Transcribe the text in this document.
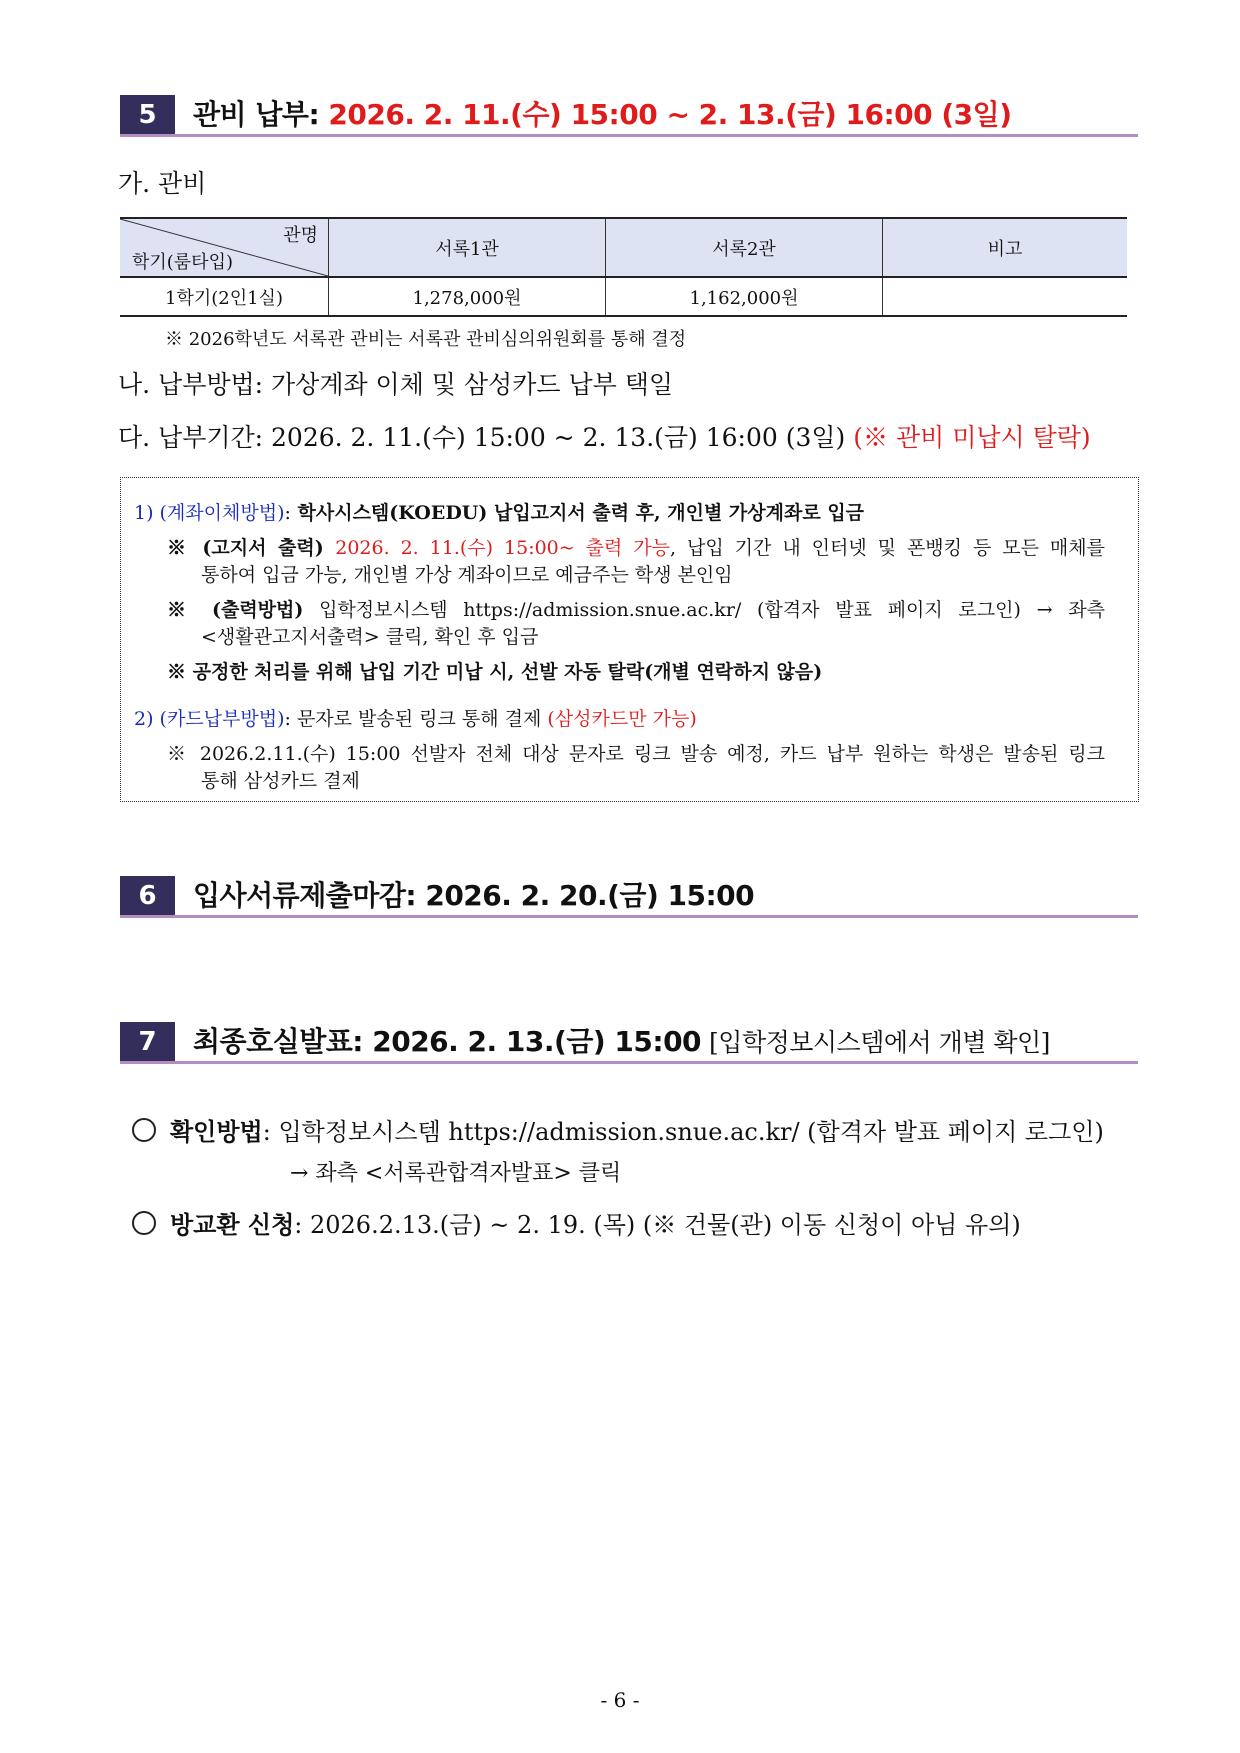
5	관비 납부: 2026. 2. 11.(수) 15:00 ~ 2. 13.(금) 16:00 (3일)
가. 관비
관명
학기(룸타입)	서록1관	서록2관	비고
1학기(2인1실)	1,278,000원	1,162,000원	
※ 2026학년도 서록관 관비는 서록관 관비심의위원회를 통해 결정
나. 납부방법: 가상계좌 이체 및 삼성카드 납부 택일
다. 납부기간: 2026. 2. 11.(수) 15:00 ~ 2. 13.(금) 16:00 (3일) (※ 관비 미납시 탈락)
1) (계좌이체방법): 학사시스템(KOEDU) 납입고지서 출력 후, 개인별 가상계좌로 입금
※ (고지서 출력) 2026. 2. 11.(수) 15:00~ 출력 가능, 납입 기간 내 인터넷 및 폰뱅킹 등 모든 매체를
통하여 입금 가능, 개인별 가상 계좌이므로 예금주는 학생 본인임
※ (출력방법) 입학정보시스템 https://admission.snue.ac.kr/ (합격자 발표 페이지 로그인) → 좌측
<생활관고지서출력> 클릭, 확인 후 입금
※ 공정한 처리를 위해 납입 기간 미납 시, 선발 자동 탈락(개별 연락하지 않음)
2) (카드납부방법): 문자로 발송된 링크 통해 결제 (삼성카드만 가능)
※ 2026.2.11.(수) 15:00 선발자 전체 대상 문자로 링크 발송 예정, 카드 납부 원하는 학생은 발송된 링크
통해 삼성카드 결제
6	입사서류제출마감: 2026. 2. 20.(금) 15:00
7	최종호실발표: 2026. 2. 13.(금) 15:00 [입학정보시스템에서 개별 확인]
확인방법: 입학정보시스템 https://admission.snue.ac.kr/ (합격자 발표 페이지 로그인)
→ 좌측 <서록관합격자발표> 클릭
방교환 신청: 2026.2.13.(금) ~ 2. 19. (목) (※ 건물(관) 이동 신청이 아님 유의)
- 6 -
